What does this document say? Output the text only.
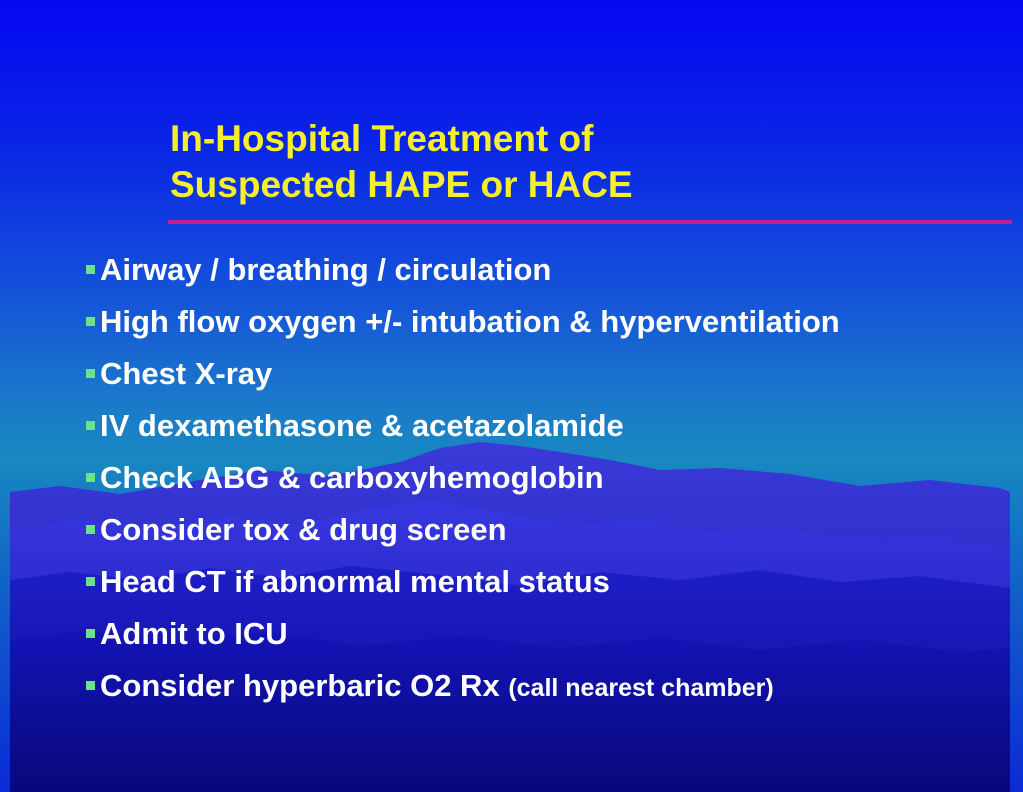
In-Hospital Treatment of
Suspected HAPE or HACE
Airway / breathing / circulation
High flow oxygen +/- intubation & hyperventilation
Chest X-ray
IV dexamethasone & acetazolamide
Check ABG & carboxyhemoglobin
Consider tox & drug screen
Head CT if abnormal mental status
Admit to ICU
Consider hyperbaric O2 Rx (call nearest chamber)
